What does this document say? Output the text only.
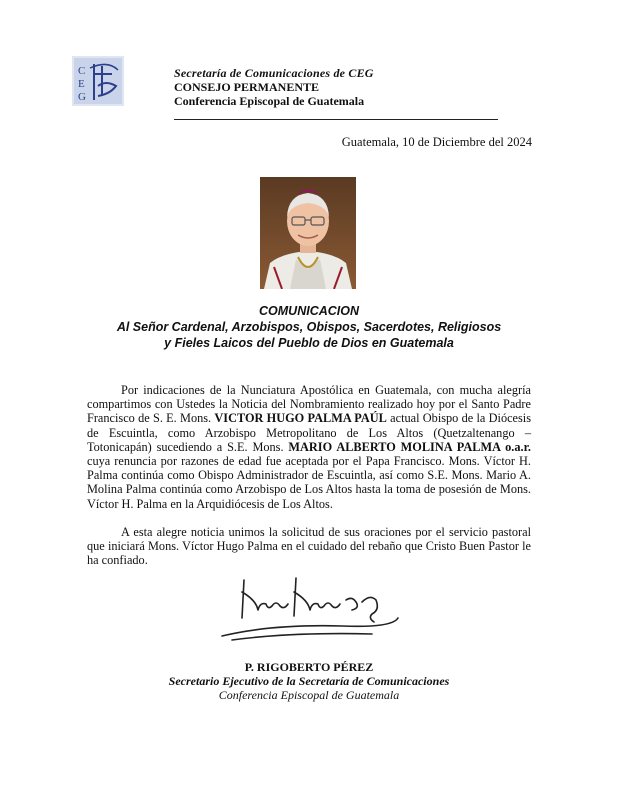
C
E
G
Secretaría de Comunicaciones de CEG
CONSEJO PERMANENTE
Conferencia Episcopal de Guatemala
Guatemala, 10 de Diciembre del 2024
COMUNICACION
Al Señor Cardenal, Arzobispos, Obispos, Sacerdotes, Religiosos
y Fieles Laicos del Pueblo de Dios en Guatemala

Por indicaciones de la Nunciatura Apostólica en Guatemala, con mucha alegría compartimos con Ustedes la Noticia del Nombramiento realizado hoy por el Santo Padre Francisco de S. E. Mons. VICTOR HUGO PALMA PAÚL actual Obispo de la Diócesis de Escuintla, como Arzobispo Metropolitano de Los Altos (Quetzaltenango – Totonicapán) sucediendo a S.E. Mons. MARIO ALBERTO MOLINA PALMA o.a.r. cuya renuncia por razones de edad fue aceptada por el Papa Francisco. Mons. Víctor H. Palma continúa como Obispo Administrador de Escuintla, así como S.E. Mons. Mario A. Molina Palma continúa como Arzobispo de Los Altos hasta la toma de posesión de Mons. Víctor H. Palma en la Arquidiócesis de Los Altos.

A esta alegre noticia unimos la solicitud de sus oraciones por el servicio pastoral que iniciará Mons. Víctor Hugo Palma en el cuidado del rebaño que Cristo Buen Pastor le ha confiado.

P. RIGOBERTO PÉREZ
Secretario Ejecutivo de la Secretaría de Comunicaciones
Conferencia Episcopal de Guatemala
